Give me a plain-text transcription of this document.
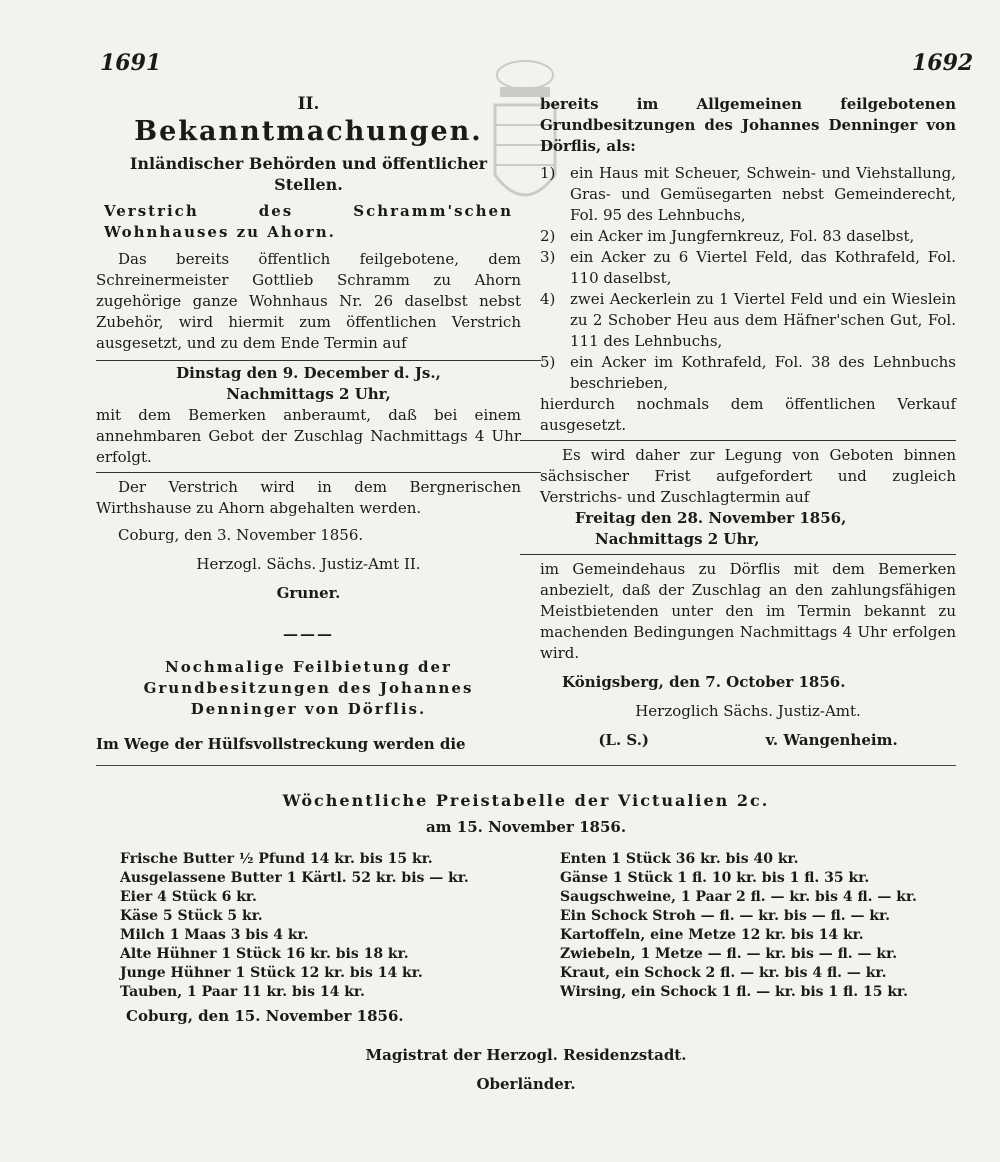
1691	1692
II.
Bekanntmachungen.
Inländischer Behörden und öffentlicher Stellen.
Verstrich des Schramm'schen Wohnhauses zu Ahorn.
Das bereits öffentlich feilgebotene, dem Schreinermeister Gottlieb Schramm zu Ahorn zugehörige ganze Wohnhaus Nr. 26 daselbst nebst Zubehör, wird hiermit zum öffentlichen Verstrich ausgesetzt, und zu dem Ende Termin auf
Dinstag den 9. December d. Js.,
Nachmittags 2 Uhr,
mit dem Bemerken anberaumt, daß bei einem annehmbaren Gebot der Zuschlag Nachmittags 4 Uhr erfolgt.
Der Verstrich wird in dem Bergnerischen Wirthshause zu Ahorn abgehalten werden.
Coburg, den 3. November 1856.
Herzogl. Sächs. Justiz-Amt II.
Gruner.
———
Nochmalige Feilbietung der Grundbesitzungen des Johannes Denninger von Dörflis.
Im Wege der Hülfsvollstreckung werden die
bereits im Allgemeinen feilgebotenen Grundbesitzungen des Johannes Denninger von Dörflis, als:
1) ein Haus mit Scheuer, Schwein- und Viehstallung, Gras- und Gemüsegarten nebst Gemeinderecht, Fol. 95 des Lehnbuchs,
2) ein Acker im Jungfernkreuz, Fol. 83 daselbst,
3) ein Acker zu 6 Viertel Feld, das Kothrafeld, Fol. 110 daselbst,
4) zwei Aeckerlein zu 1 Viertel Feld und ein Wieslein zu 2 Schober Heu aus dem Häfner'schen Gut, Fol. 111 des Lehnbuchs,
5) ein Acker im Kothrafeld, Fol. 38 des Lehnbuchs beschrieben,
hierdurch nochmals dem öffentlichen Verkauf ausgesetzt.
Es wird daher zur Legung von Geboten binnen sächsischer Frist aufgefordert und zugleich Verstrichs- und Zuschlagtermin auf
Freitag den 28. November 1856,
Nachmittags 2 Uhr,
im Gemeindehaus zu Dörflis mit dem Bemerken anbezielt, daß der Zuschlag an den zahlungsfähigen Meistbietenden unter den im Termin bekannt zu machenden Bedingungen Nachmittags 4 Uhr erfolgen wird.
Königsberg, den 7. October 1856.
Herzoglich Sächs. Justiz-Amt.
(L. S.)	v. Wangenheim.
Wöchentliche Preistabelle der Victualien 2c.
am 15. November 1856.
Frische Butter ½ Pfund 14 kr. bis 15 kr.
Ausgelassene Butter 1 Kärtl. 52 kr. bis — kr.
Eier 4 Stück 6 kr.
Käse 5 Stück 5 kr.
Milch 1 Maas 3 bis 4 kr.
Alte Hühner 1 Stück 16 kr. bis 18 kr.
Junge Hühner 1 Stück 12 kr. bis 14 kr.
Tauben, 1 Paar 11 kr. bis 14 kr.
Enten 1 Stück 36 kr. bis 40 kr.
Gänse 1 Stück 1 fl. 10 kr. bis 1 fl. 35 kr.
Saugschweine, 1 Paar 2 fl. — kr. bis 4 fl. — kr.
Ein Schock Stroh — fl. — kr. bis — fl. — kr.
Kartoffeln, eine Metze 12 kr. bis 14 kr.
Zwiebeln, 1 Metze — fl. — kr. bis — fl. — kr.
Kraut, ein Schock 2 fl. — kr. bis 4 fl. — kr.
Wirsing, ein Schock 1 fl. — kr. bis 1 fl. 15 kr.
Coburg, den 15. November 1856.
Magistrat der Herzogl. Residenzstadt.
Oberländer.
